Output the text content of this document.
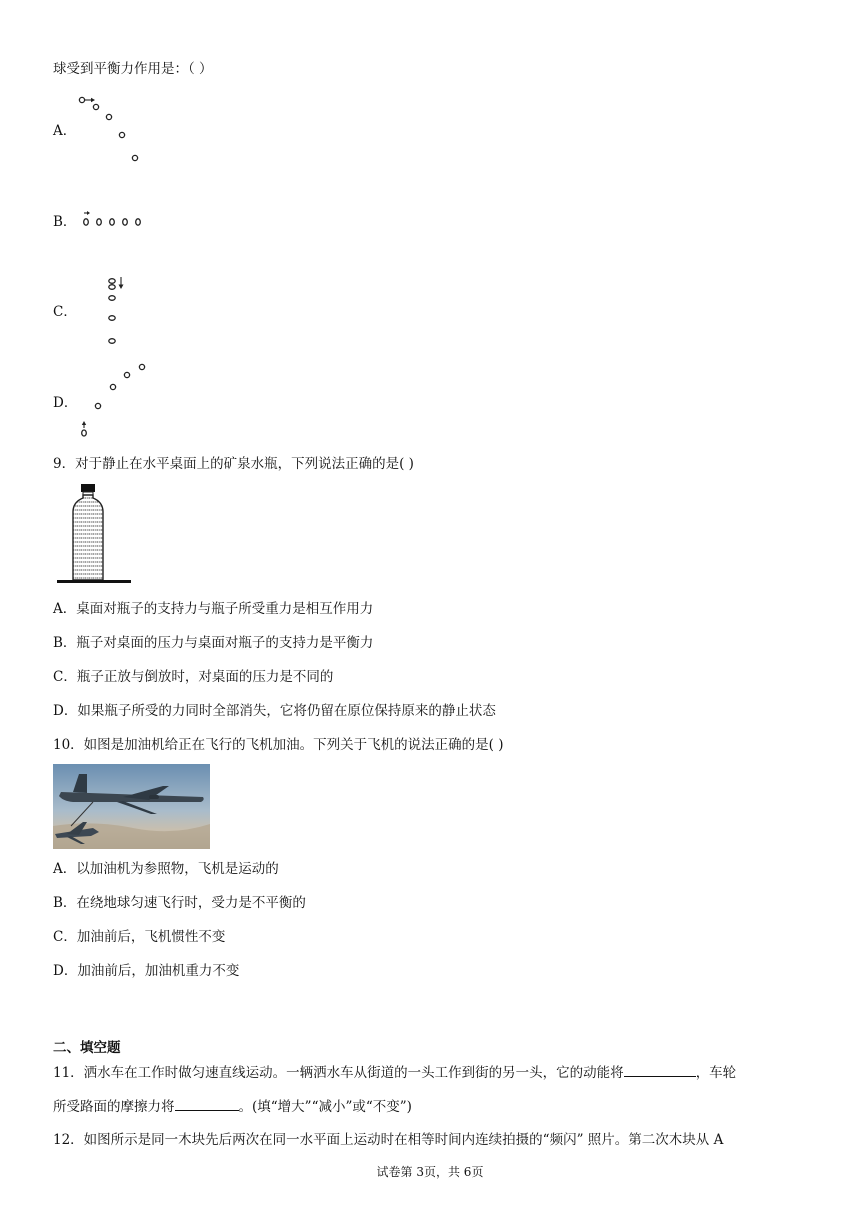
球受到平衡力作用是：（ ）
A．
B．
C．
D．
9．对于静止在水平桌面上的矿泉水瓶，下列说法正确的是( )
A．桌面对瓶子的支持力与瓶子所受重力是相互作用力
B．瓶子对桌面的压力与桌面对瓶子的支持力是平衡力
C．瓶子正放与倒放时，对桌面的压力是不同的
D．如果瓶子所受的力同时全部消失，它将仍留在原位保持原来的静止状态
10．如图是加油机给正在飞行的飞机加油。下列关于飞机的说法正确的是( )
A．以加油机为参照物，飞机是运动的
B．在绕地球匀速飞行时，受力是不平衡的
C．加油前后，飞机惯性不变
D．加油前后，加油机重力不变
二、填空题
11．洒水车在工作时做匀速直线运动。一辆洒水车从街道的一头工作到街的另一头，它的动能将	，车轮
所受路面的摩擦力将	。(填“增大”“减小”或“不变”)
12．如图所示是同一木块先后两次在同一水平面上运动时在相等时间内连续拍摄的“频闪” 照片。第二次木块从 A
试卷第 3页，共 6页
